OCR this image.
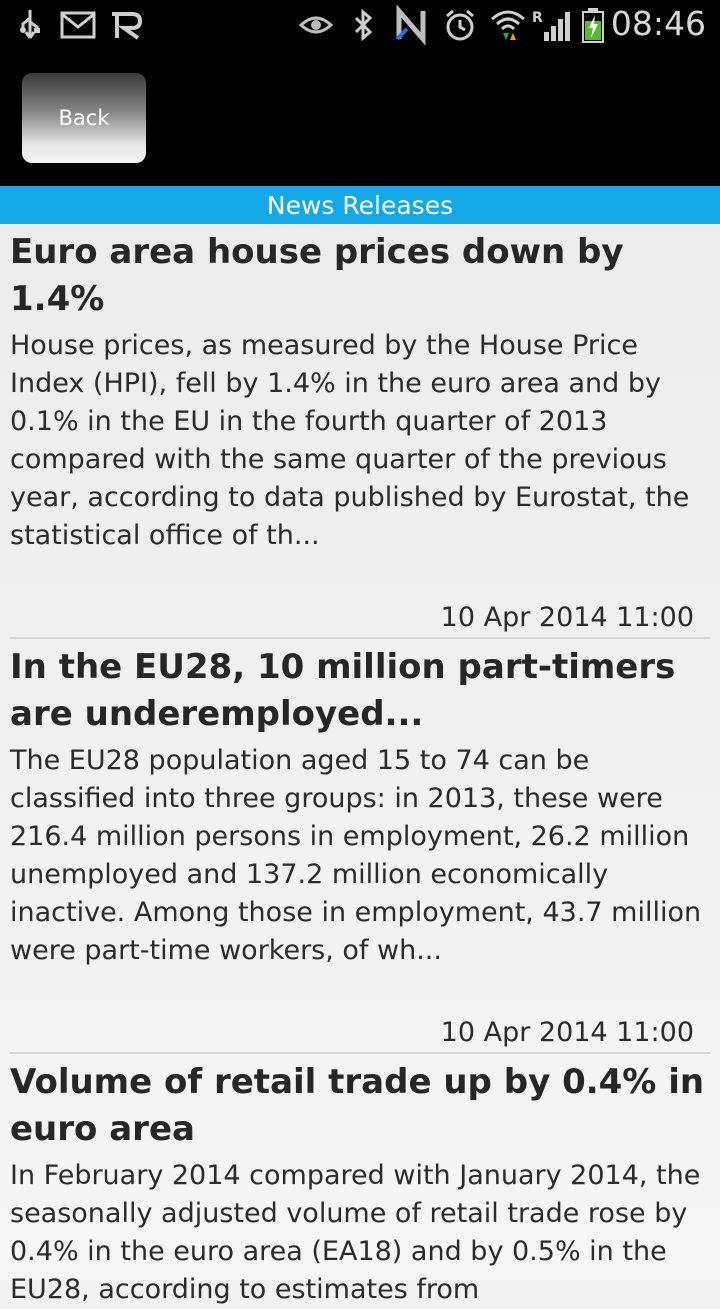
R 08:46
Back
News Releases
Euro area house prices down by 1.4%

House prices, as measured by the House Price Index (HPI), fell by 1.4% in the euro area and by 0.1% in the EU in the fourth quarter of 2013 compared with the same quarter of the previous year, according to data published by Eurostat, the statistical office of th...

10 Apr 2014 11:00
In the EU28, 10 million part-timers are underemployed...

The EU28 population aged 15 to 74 can be classified into three groups: in 2013, these were 216.4 million persons in employment, 26.2 million unemployed and 137.2 million economically inactive. Among those in employment, 43.7 million were part-time workers, of wh...

10 Apr 2014 11:00
Volume of retail trade up by 0.4% in euro area

In February 2014 compared with January 2014, the seasonally adjusted volume of retail trade rose by 0.4% in the euro area (EA18) and by 0.5% in the EU28, according to estimates from
